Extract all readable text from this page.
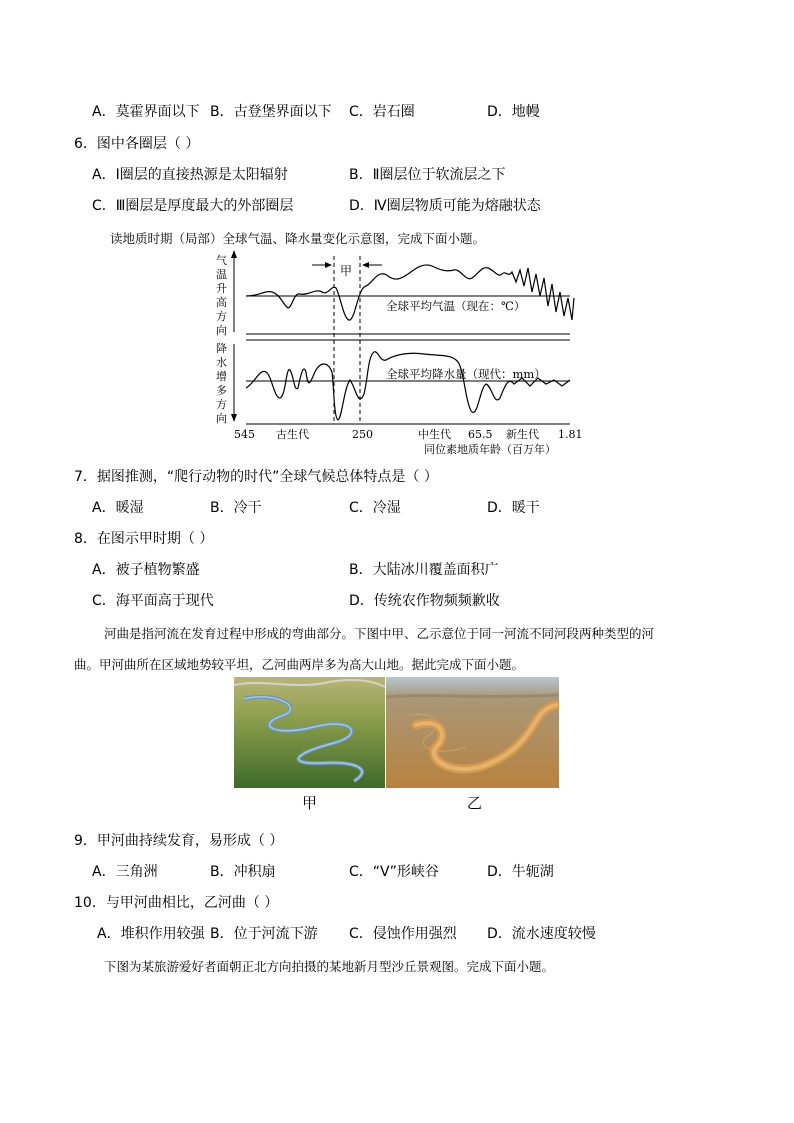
A．莫霍界面以下 B．古登堡界面以下 C．岩石圈	D．地幔
6．图中各圈层（ ）
A．Ⅰ圈层的直接热源是太阳辐射	B．Ⅱ圈层位于软流层之下
C．Ⅲ圈层是厚度最大的外部圈层	D．Ⅳ圈层物质可能为熔融状态
读地质时期（局部）全球气温、降水量变化示意图，完成下面小题。
气
温
升
高
方
向
降
水
增
多
方
向
甲
全球平均气温（现在：℃）
全球平均降水量（现代：mm）
545 古生代	250	中生代 65.5 新生代 1.81
同位素地质年龄（百万年）
7．据图推测，“爬行动物的时代”全球气候总体特点是（ ）
A．暖湿	B．冷干	C．冷湿	D．暖干
8．在图示甲时期（ ）
A．被子植物繁盛	B．大陆冰川覆盖面积广
C．海平面高于现代	D．传统农作物频频歉收
河曲是指河流在发育过程中形成的弯曲部分。下图中甲、乙示意位于同一河流不同河段两种类型的河
曲。甲河曲所在区域地势较平坦，乙河曲两岸多为高大山地。据此完成下面小题。
甲	乙
9．甲河曲持续发育，易形成（ ）
A．三角洲	B．冲积扇	C．“V”形峡谷	D．牛轭湖
10．与甲河曲相比，乙河曲（ ）
A．堆积作用较强 B．位于河流下游 C．侵蚀作用强烈 D．流水速度较慢
下图为某旅游爱好者面朝正北方向拍摄的某地新月型沙丘景观图。完成下面小题。
